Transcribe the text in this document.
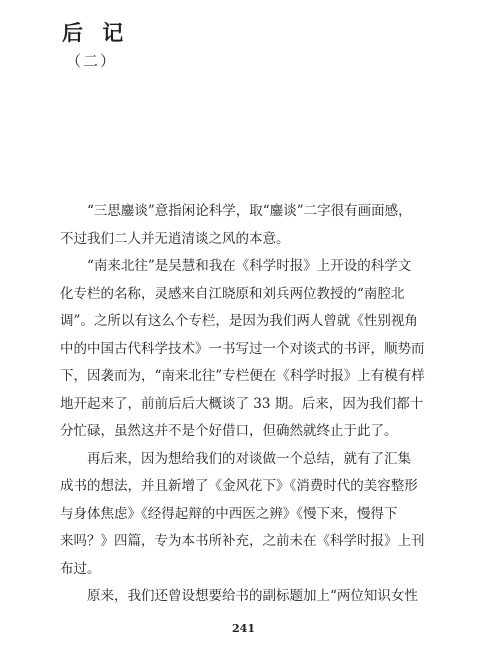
后 记
（二）
“三思鏖谈”意指闲论科学，取“鏖谈”二字很有画面感，
不过我们二人并无逍清谈之风的本意。
“南来北往”是吴慧和我在《科学时报》上开设的科学文
化专栏的名称，灵感来自江晓原和刘兵两位教授的“南腔北
调”。之所以有这么个专栏，是因为我们两人曾就《性别视角
中的中国古代科学技术》一书写过一个对谈式的书评，顺势而
下，因袭而为，“南来北往”专栏便在《科学时报》上有模有样
地开起来了，前前后后大概谈了 33 期。后来，因为我们都十
分忙碌，虽然这并不是个好借口，但确然就终止于此了。
再后来，因为想给我们的对谈做一个总结，就有了汇集
成书的想法，并且新增了《金风花下》《消费时代的美容整形
与身体焦虑》《经得起辩的中西医之辨》《慢下来，慢得下
来吗？》四篇，专为本书所补充，之前未在《科学时报》上刊
布过。
原来，我们还曾设想要给书的副标题加上“两位知识女性
241
